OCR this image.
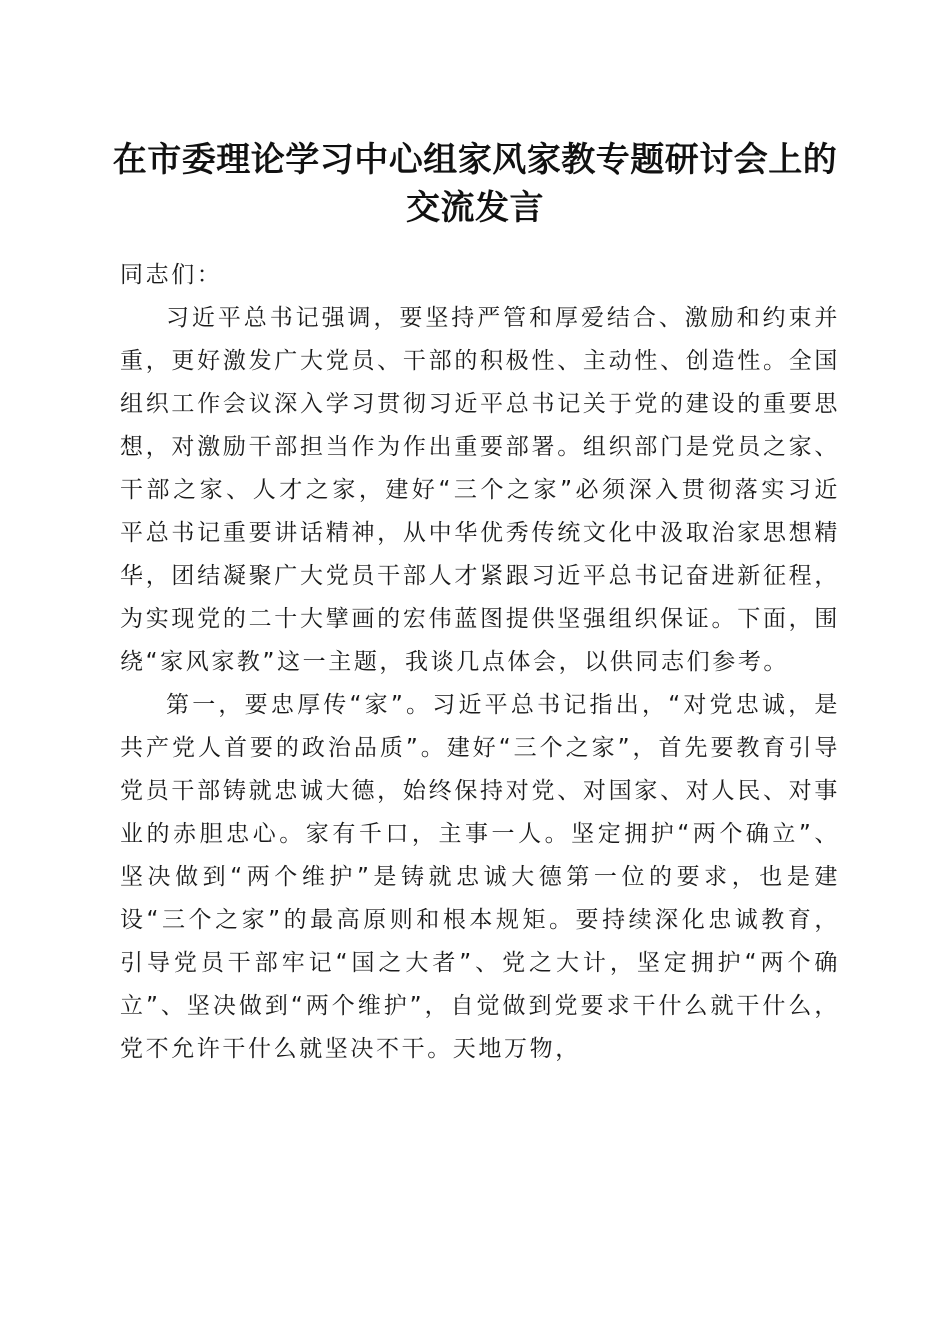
在市委理论学习中心组家风家教专题研讨会上的交流发言

同志们：

习近平总书记强调，要坚持严管和厚爱结合、激励和约束并重，更好激发广大党员、干部的积极性、主动性、创造性。全国组织工作会议深入学习贯彻习近平总书记关于党的建设的重要思想，对激励干部担当作为作出重要部署。组织部门是党员之家、干部之家、人才之家，建好“三个之家”必须深入贯彻落实习近平总书记重要讲话精神，从中华优秀传统文化中汲取治家思想精华，团结凝聚广大党员干部人才紧跟习近平总书记奋进新征程，为实现党的二十大擘画的宏伟蓝图提供坚强组织保证。下面，围绕“家风家教”这一主题，我谈几点体会，以供同志们参考。

第一，要忠厚传“家”。习近平总书记指出，“对党忠诚，是共产党人首要的政治品质”。建好“三个之家”，首先要教育引导党员干部铸就忠诚大德，始终保持对党、对国家、对人民、对事业的赤胆忠心。家有千口，主事一人。坚定拥护“两个确立”、坚决做到“两个维护”是铸就忠诚大德第一位的要求，也是建设“三个之家”的最高原则和根本规矩。要持续深化忠诚教育，引导党员干部牢记“国之大者”、党之大计，坚定拥护“两个确立”、坚决做到“两个维护”，自觉做到党要求干什么就干什么，党不允许干什么就坚决不干。天地万物，
